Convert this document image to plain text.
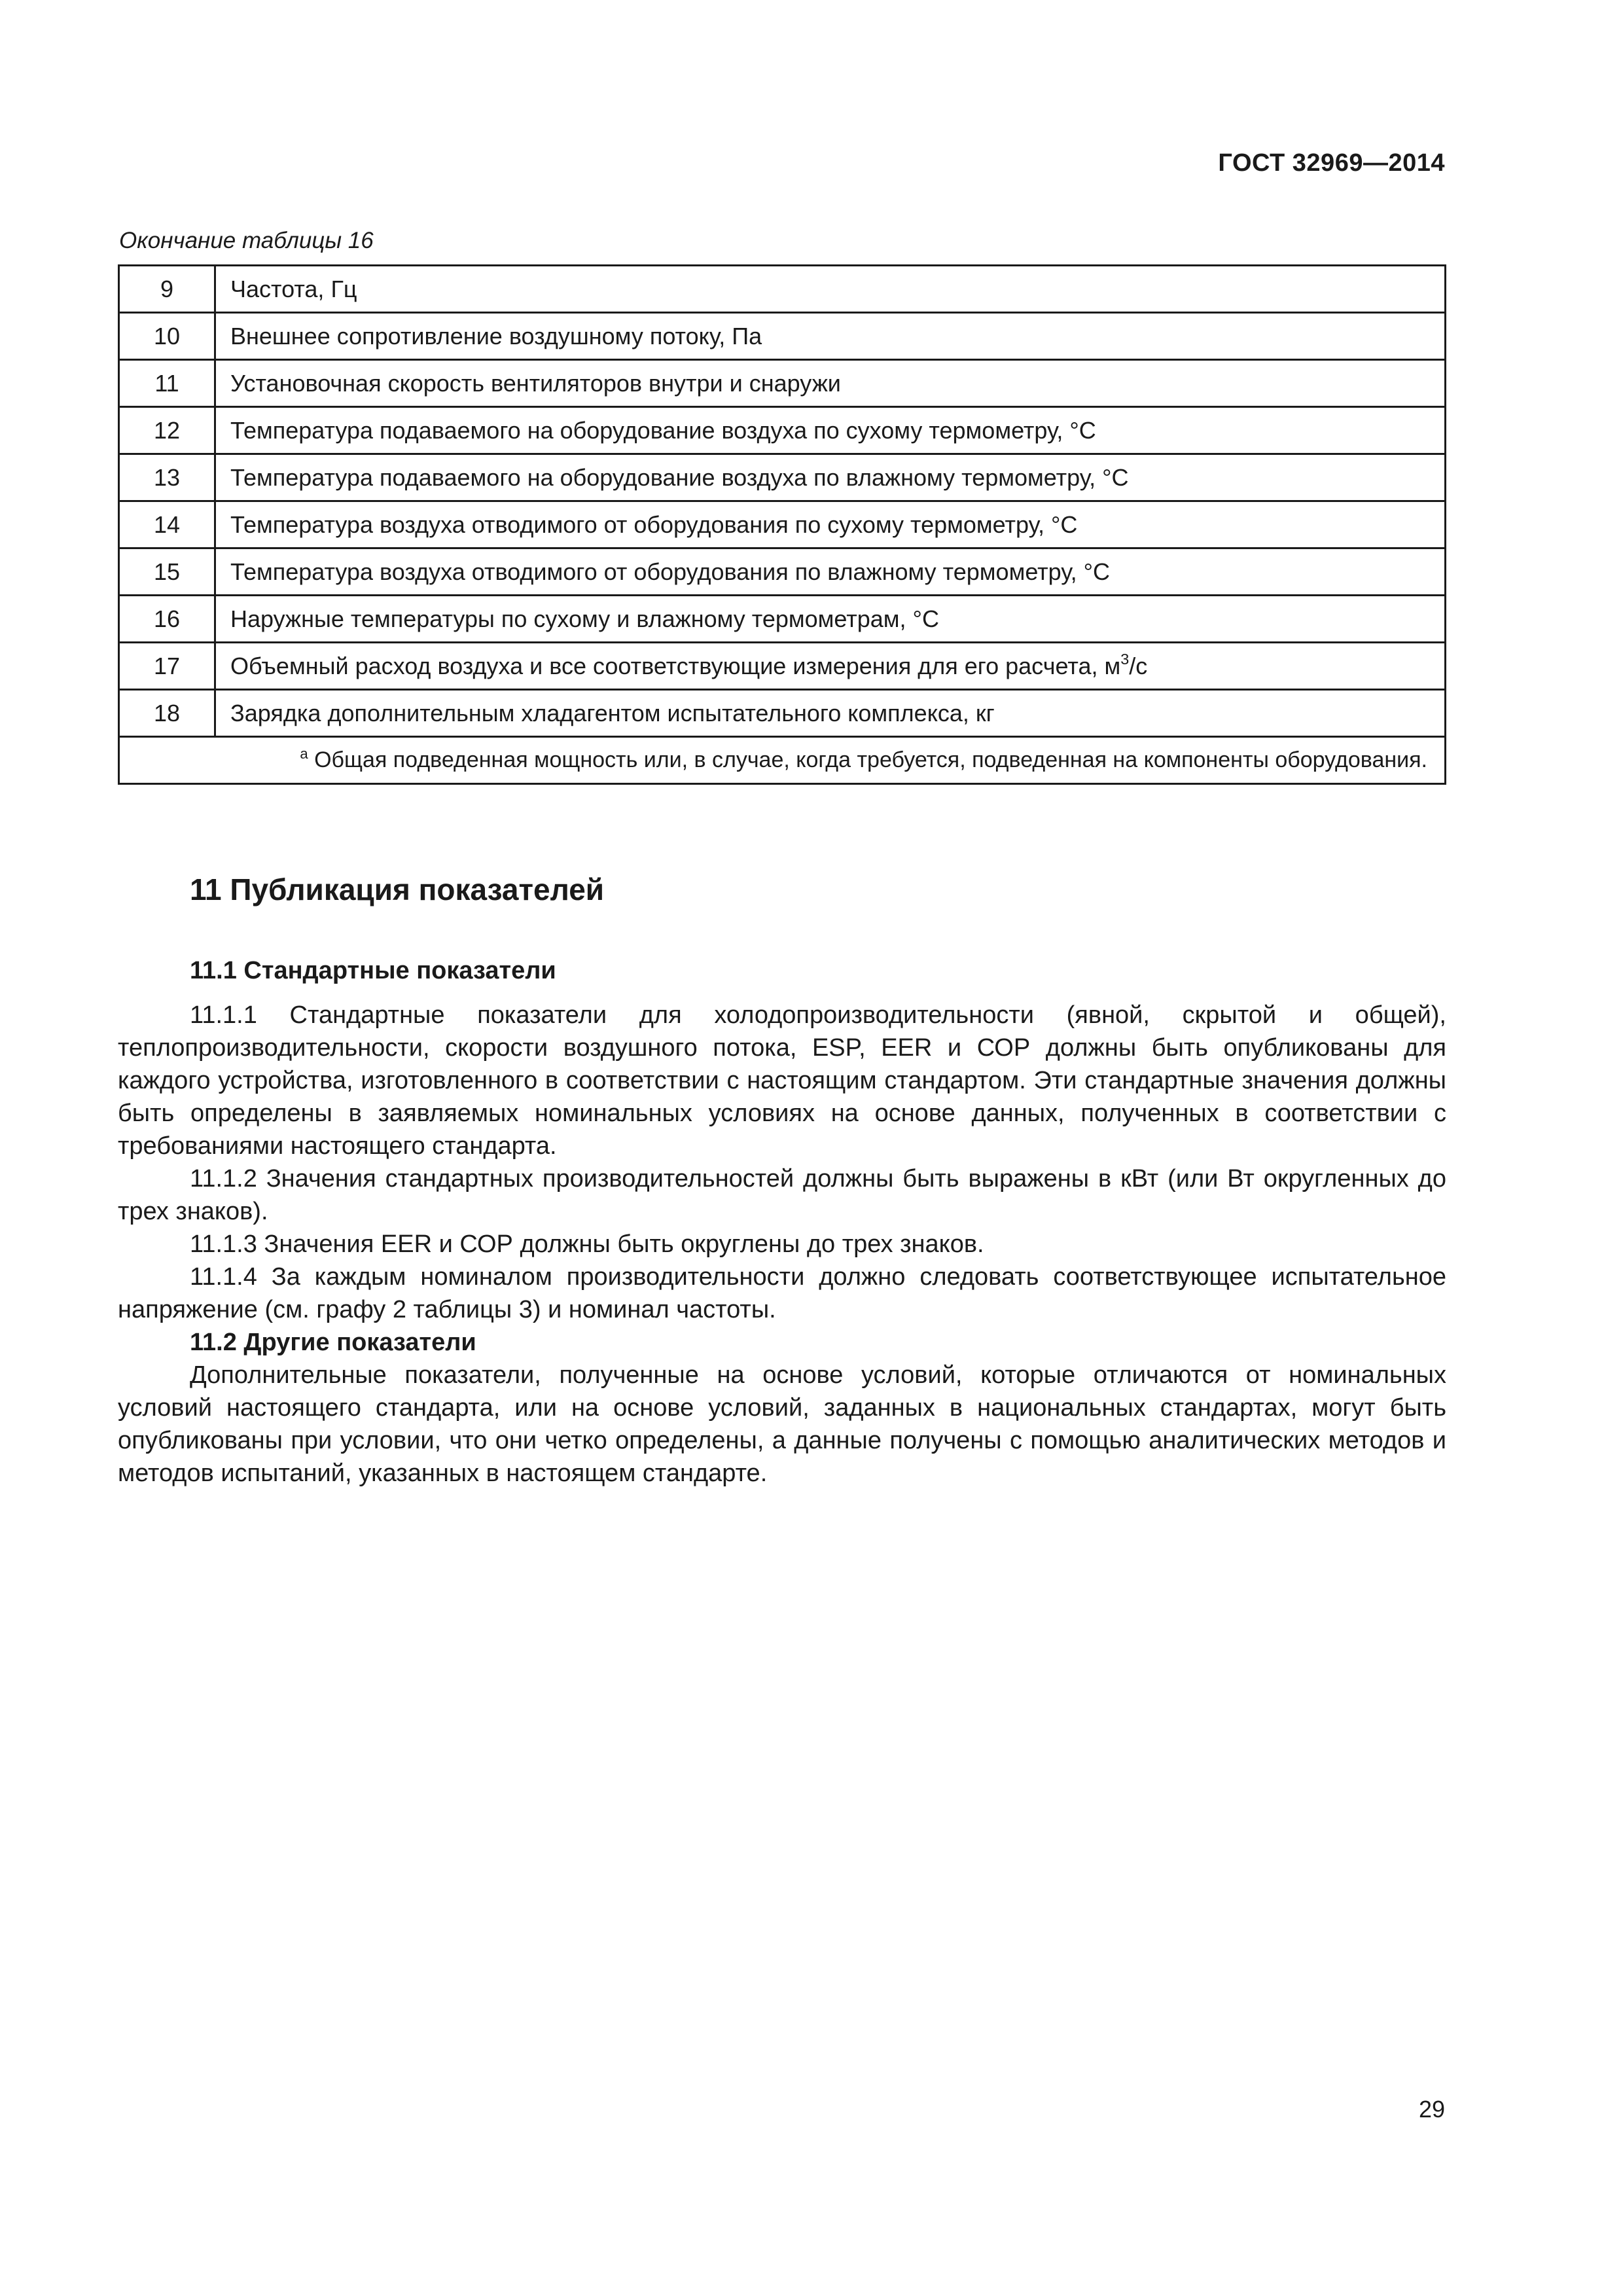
ГОСТ 32969—2014
Окончание таблицы 16
9	Частота, Гц
10	Внешнее сопротивление воздушному потоку, Па
11	Установочная скорость вентиляторов внутри и снаружи
12	Температура подаваемого на оборудование воздуха по сухому термометру, °С
13	Температура подаваемого на оборудование воздуха по влажному термометру, °С
14	Температура воздуха отводимого от оборудования по сухому термометру, °С
15	Температура воздуха отводимого от оборудования по влажному термометру, °С
16	Наружные температуры по сухому и влажному термометрам, °С
17	Объемный расход воздуха и все соответствующие измерения для его расчета, $м^3/с$
18	Зарядка дополнительным хладагентом испытательного комплекса, кг
$^а$ Общая подведенная мощность или, в случае, когда требуется, подведенная на компоненты оборудования.	
11 Публикация показателей
11.1 Стандартные показатели

11.1.1 Стандартные показатели для холодопроизводительности (явной, скрытой и общей), теплопроизводительности, скорости воздушного потока, ESP, EER и СОР должны быть опубликованы для каждого устройства, изготовленного в соответствии с настоящим стандартом. Эти стандартные значения должны быть определены в заявляемых номинальных условиях на основе данных, полученных в соответствии с требованиями настоящего стандарта.

11.1.2 Значения стандартных производительностей должны быть выражены в кВт (или Вт округленных до трех знаков).

11.1.3 Значения EER и СОР должны быть округлены до трех знаков.

11.1.4 За каждым номиналом производительности должно следовать соответствующее испытательное напряжение (см. графу 2 таблицы 3) и номинал частоты.

11.2 Другие показатели

Дополнительные показатели, полученные на основе условий, которые отличаются от номинальных условий настоящего стандарта, или на основе условий, заданных в национальных стандартах, могут быть опубликованы при условии, что они четко определены, а данные получены с помощью аналитических методов и методов испытаний, указанных в настоящем стандарте.

29
